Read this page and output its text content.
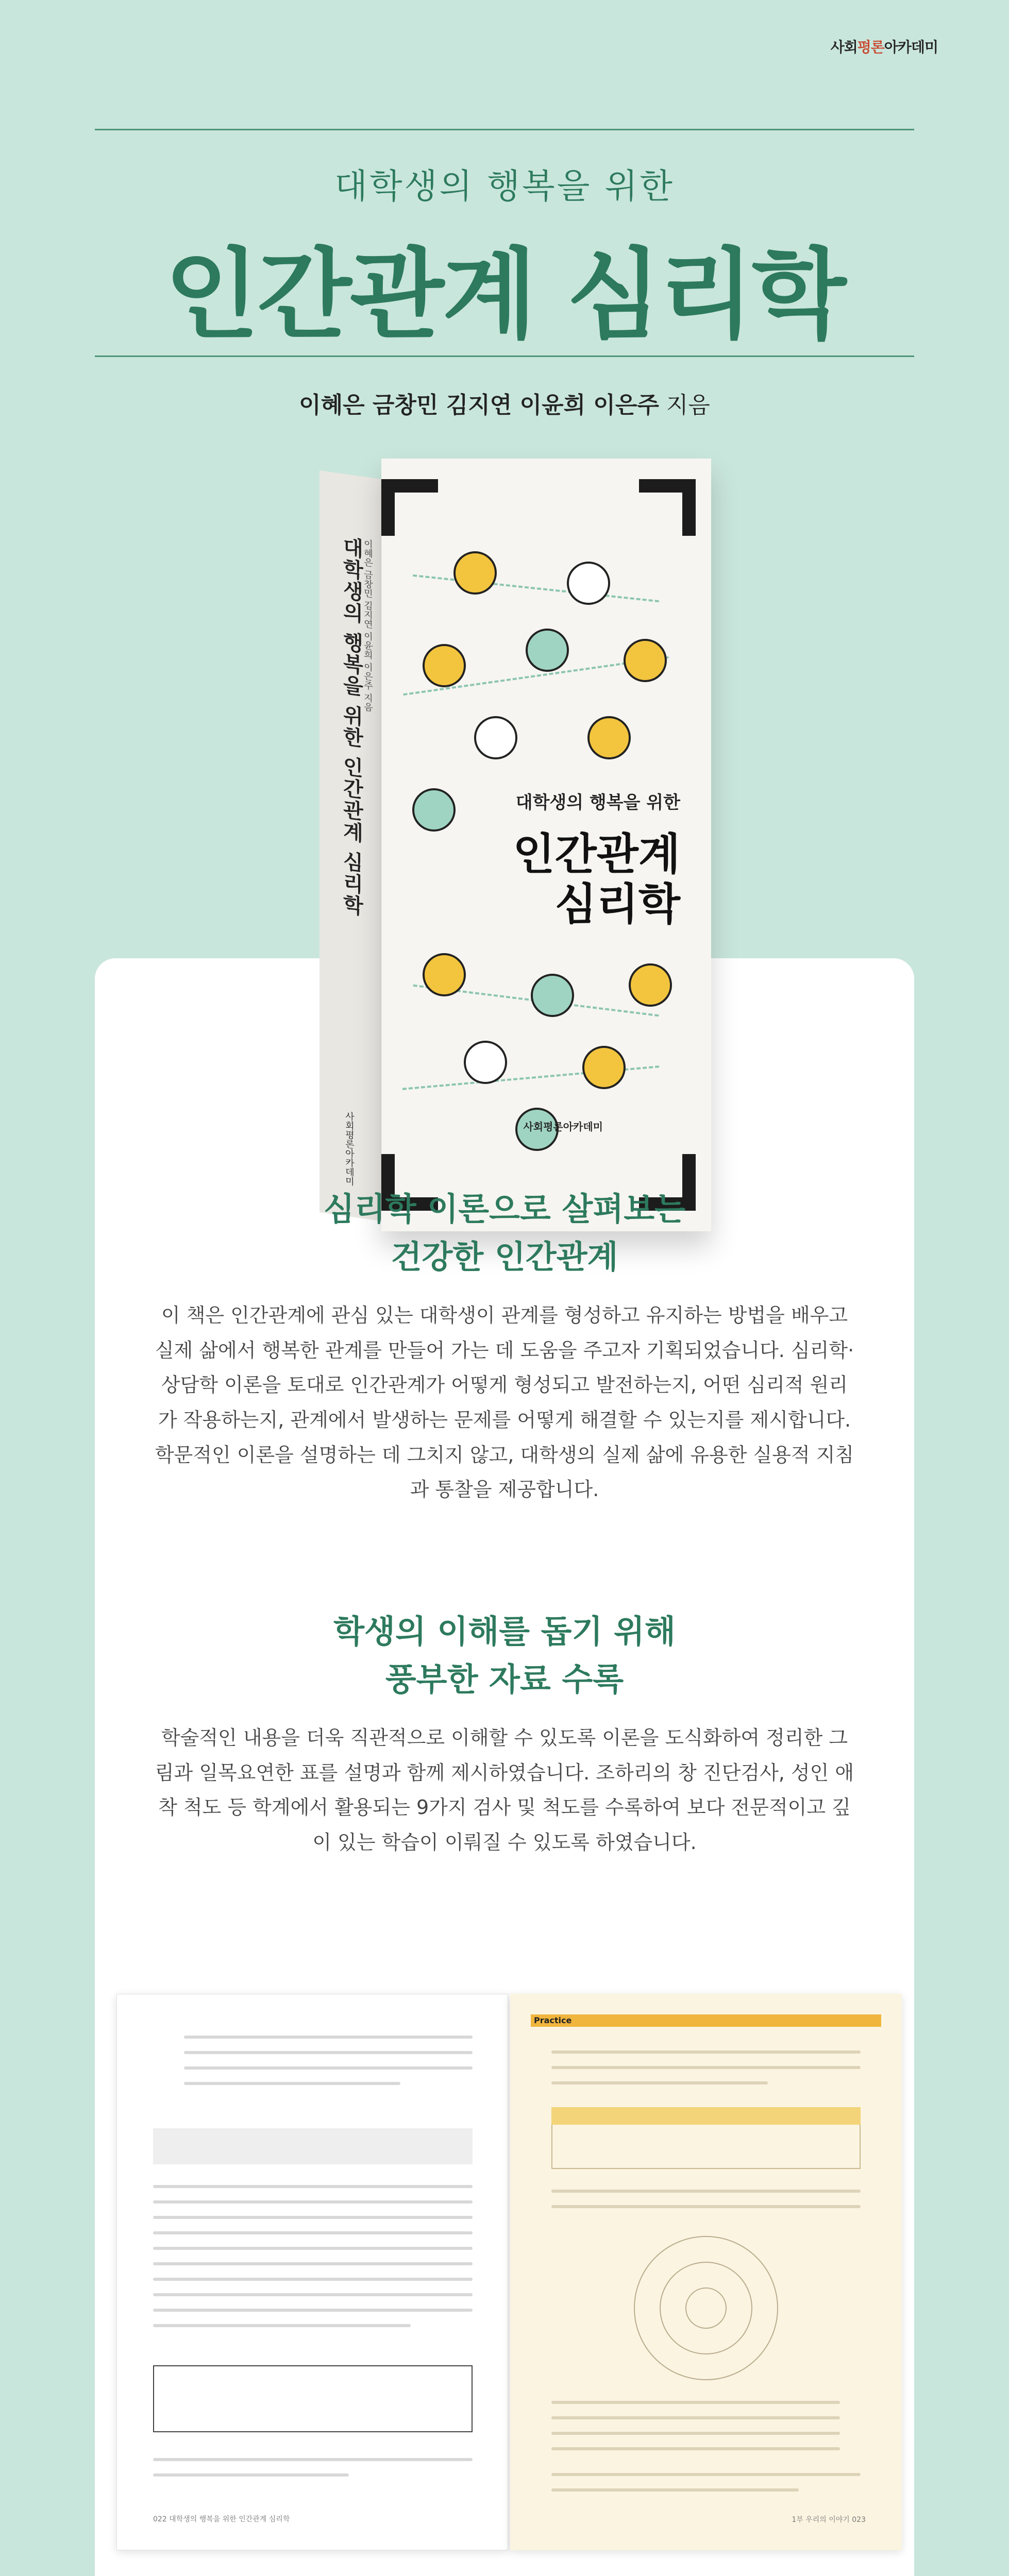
사회평론아카데미
대학생의 행복을 위한
인간관계 심리학
이혜은 금창민 김지연 이윤희 이은주 지음
대학생의 행복을 위한 인간관계 심리학
이혜은 금창민 김지연 이윤희 이은주 지음
사회평론아카데미
대학생의 행복을 위한
인간관계
심리학
사회평론아카데미
심리학 이론으로 살펴보는
건강한 인간관계
이 책은 인간관계에 관심 있는 대학생이 관계를 형성하고 유지하는 방법을 배우고 실제 삶에서 행복한 관계를 만들어 가는 데 도움을 주고자 기획되었습니다. 심리학·상담학 이론을 토대로 인간관계가 어떻게 형성되고 발전하는지, 어떤 심리적 원리가 작용하는지, 관계에서 발생하는 문제를 어떻게 해결할 수 있는지를 제시합니다. 학문적인 이론을 설명하는 데 그치지 않고, 대학생의 실제 삶에 유용한 실용적 지침과 통찰을 제공합니다.
학생의 이해를 돕기 위해
풍부한 자료 수록
학술적인 내용을 더욱 직관적으로 이해할 수 있도록 이론을 도식화하여 정리한 그림과 일목요연한 표를 설명과 함께 제시하였습니다. 조하리의 창 진단검사, 성인 애착 척도 등 학계에서 활용되는 9가지 검사 및 척도를 수록하여 보다 전문적이고 깊이 있는 학습이 이뤄질 수 있도록 하였습니다.
022 대학생의 행복을 위한 인간관계 심리학
Practice
1부 우리의 이야기 023
